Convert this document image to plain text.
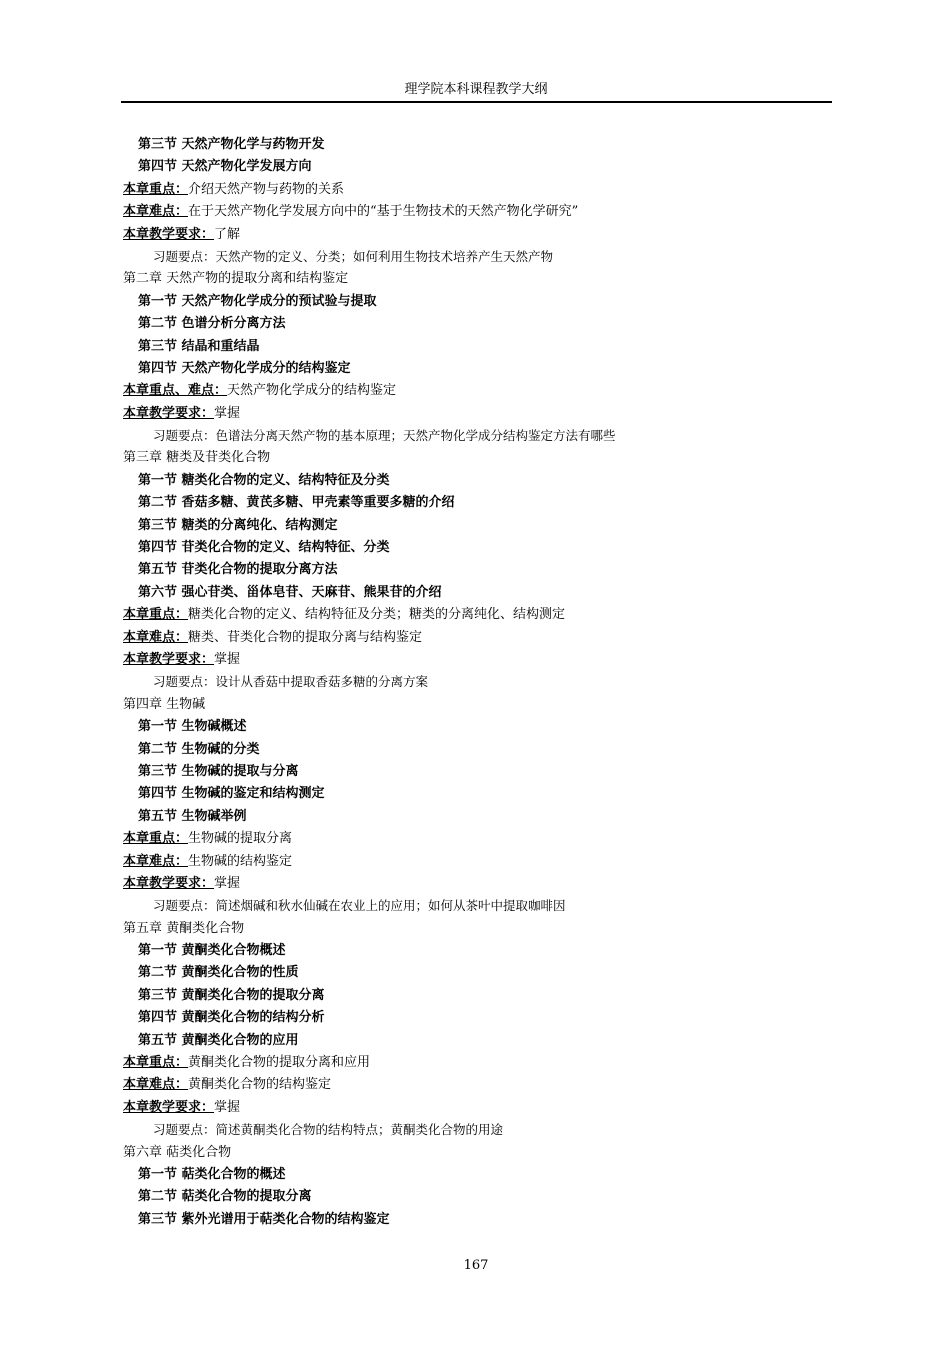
理学院本科课程教学大纲
第三节 天然产物化学与药物开发
第四节 天然产物化学发展方向
本章重点：介绍天然产物与药物的关系
本章难点：在于天然产物化学发展方向中的“基于生物技术的天然产物化学研究”
本章教学要求：了解
习题要点：天然产物的定义、分类；如何利用生物技术培养产生天然产物
第二章 天然产物的提取分离和结构鉴定
第一节 天然产物化学成分的预试验与提取
第二节 色谱分析分离方法
第三节 结晶和重结晶
第四节 天然产物化学成分的结构鉴定
本章重点、难点：天然产物化学成分的结构鉴定
本章教学要求：掌握
习题要点：色谱法分离天然产物的基本原理；天然产物化学成分结构鉴定方法有哪些
第三章 糖类及苷类化合物
第一节 糖类化合物的定义、结构特征及分类
第二节 香菇多糖、黄芪多糖、甲壳素等重要多糖的介绍
第三节 糖类的分离纯化、结构测定
第四节 苷类化合物的定义、结构特征、分类
第五节 苷类化合物的提取分离方法
第六节 强心苷类、甾体皂苷、天麻苷、熊果苷的介绍
本章重点：糖类化合物的定义、结构特征及分类；糖类的分离纯化、结构测定
本章难点：糖类、苷类化合物的提取分离与结构鉴定
本章教学要求：掌握
习题要点：设计从香菇中提取香菇多糖的分离方案
第四章 生物碱
第一节 生物碱概述
第二节 生物碱的分类
第三节 生物碱的提取与分离
第四节 生物碱的鉴定和结构测定
第五节 生物碱举例
本章重点：生物碱的提取分离
本章难点：生物碱的结构鉴定
本章教学要求：掌握
习题要点：简述烟碱和秋水仙碱在农业上的应用；如何从茶叶中提取咖啡因
第五章 黄酮类化合物
第一节 黄酮类化合物概述
第二节 黄酮类化合物的性质
第三节 黄酮类化合物的提取分离
第四节 黄酮类化合物的结构分析
第五节 黄酮类化合物的应用
本章重点：黄酮类化合物的提取分离和应用
本章难点：黄酮类化合物的结构鉴定
本章教学要求：掌握
习题要点：简述黄酮类化合物的结构特点；黄酮类化合物的用途
第六章 萜类化合物
第一节 萜类化合物的概述
第二节 萜类化合物的提取分离
第三节 紫外光谱用于萜类化合物的结构鉴定
167
